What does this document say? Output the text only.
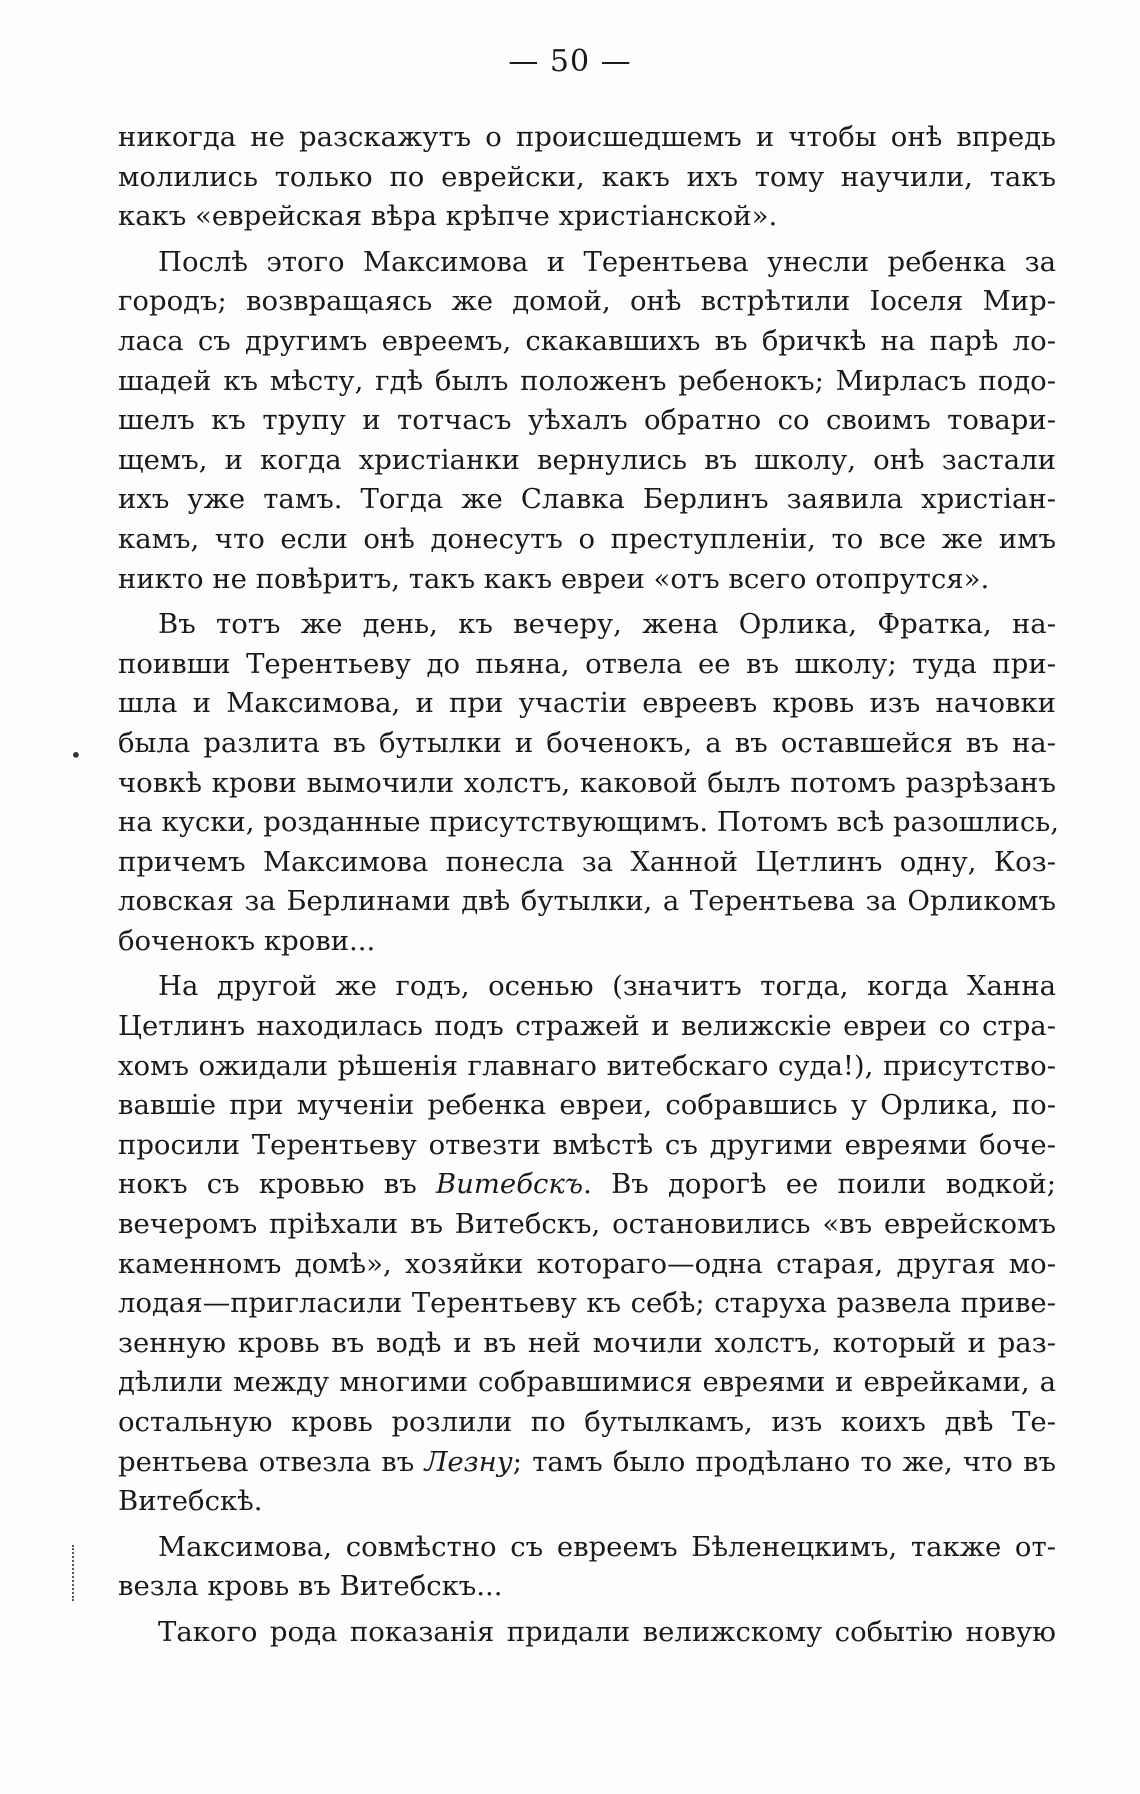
— 50 —
никогда не разскажутъ о происшедшемъ и чтобы онѣ впредь
молились только по еврейски, какъ ихъ тому научили, такъ
какъ «еврейская вѣра крѣпче христіанской».
Послѣ этого Максимова и Терентьева унесли ребенка за
городъ; возвращаясь же домой, онѣ встрѣтили Іоселя Мир-
ласа съ другимъ евреемъ, скакавшихъ въ бричкѣ на парѣ ло-
шадей къ мѣсту, гдѣ былъ положенъ ребенокъ; Мирласъ подо-
шелъ къ трупу и тотчасъ уѣхалъ обратно со своимъ товари-
щемъ, и когда христіанки вернулись въ школу, онѣ застали
ихъ уже тамъ. Тогда же Славка Берлинъ заявила христіан-
камъ, что если онѣ донесутъ о преступленіи, то все же имъ
никто не повѣритъ, такъ какъ евреи «отъ всего отопрутся».
Въ тотъ же день, къ вечеру, жена Орлика, Фратка, на-
поивши Терентьеву до пьяна, отвела ее въ школу; туда при-
шла и Максимова, и при участіи евреевъ кровь изъ начовки
была разлита въ бутылки и боченокъ, а въ оставшейся въ на-
човкѣ крови вымочили холстъ, каковой былъ потомъ разрѣзанъ
на куски, розданные присутствующимъ. Потомъ всѣ разошлись,
причемъ Максимова понесла за Ханной Цетлинъ одну, Коз-
ловская за Берлинами двѣ бутылки, а Терентьева за Орликомъ
боченокъ крови...
На другой же годъ, осенью (значитъ тогда, когда Ханна
Цетлинъ находилась подъ стражей и велижскіе евреи со стра-
хомъ ожидали рѣшенія главнаго витебскаго суда!), присутство-
вавшіе при мученіи ребенка евреи, собравшись у Орлика, по-
просили Терентьеву отвезти вмѣстѣ съ другими евреями боче-
нокъ съ кровью въ Витебскъ. Въ дорогѣ ее поили водкой;
вечеромъ пріѣхали въ Витебскъ, остановились «въ еврейскомъ
каменномъ домѣ», хозяйки котораго—одна старая, другая мо-
лодая—пригласили Терентьеву къ себѣ; старуха развела приве-
зенную кровь въ водѣ и въ ней мочили холстъ, который и раз-
дѣлили между многими собравшимися евреями и еврейками, а
остальную кровь розлили по бутылкамъ, изъ коихъ двѣ Те-
рентьева отвезла въ Лезну; тамъ было продѣлано то же, что въ
Витебскѣ.
Максимова, совмѣстно съ евреемъ Бѣленецкимъ, также от-
везла кровь въ Витебскъ...
Такого рода показанія придали велижскому событію новую
•
